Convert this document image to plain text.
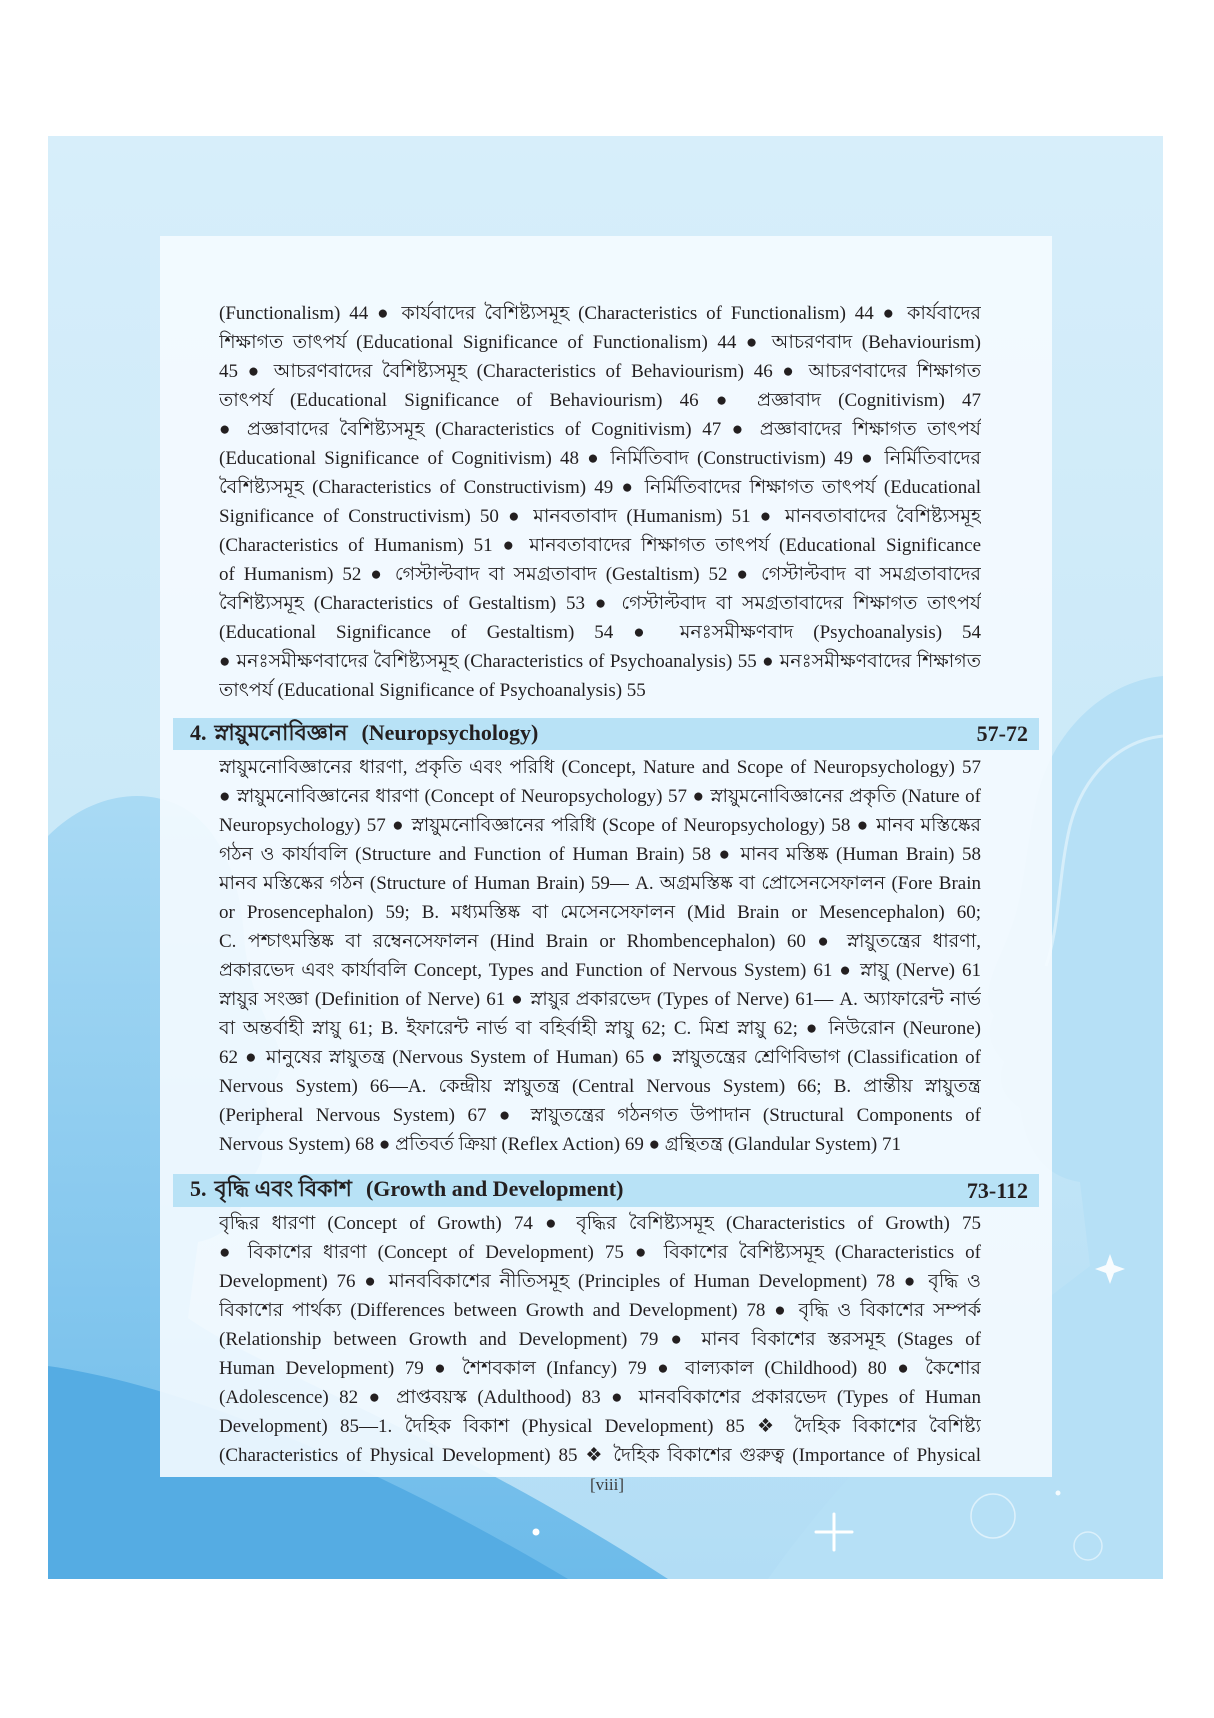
(Functionalism) 44 ● কার্যবাদের বৈশিষ্ট্যসমূহ (Characteristics of Functionalism) 44 ● কার্যবাদের
শিক্ষাগত তাৎপর্য (Educational Significance of Functionalism) 44 ● আচরণবাদ (Behaviourism)
45 ● আচরণবাদের বৈশিষ্ট্যসমূহ (Characteristics of Behaviourism) 46 ● আচরণবাদের শিক্ষাগত
তাৎপর্য (Educational Significance of Behaviourism) 46 ● প্রজ্ঞাবাদ (Cognitivism) 47
● প্রজ্ঞাবাদের বৈশিষ্ট্যসমূহ (Characteristics of Cognitivism) 47 ● প্রজ্ঞাবাদের শিক্ষাগত তাৎপর্য
(Educational Significance of Cognitivism) 48 ● নির্মিতিবাদ (Constructivism) 49 ● নির্মিতিবাদের
বৈশিষ্ট্যসমূহ (Characteristics of Constructivism) 49 ● নির্মিতিবাদের শিক্ষাগত তাৎপর্য (Educational
Significance of Constructivism) 50 ● মানবতাবাদ (Humanism) 51 ● মানবতাবাদের বৈশিষ্ট্যসমূহ
(Characteristics of Humanism) 51 ● মানবতাবাদের শিক্ষাগত তাৎপর্য (Educational Significance
of Humanism) 52 ● গেস্টাল্টবাদ বা সমগ্রতাবাদ (Gestaltism) 52 ● গেস্টাল্টবাদ বা সমগ্রতাবাদের
বৈশিষ্ট্যসমূহ (Characteristics of Gestaltism) 53 ● গেস্টাল্টবাদ বা সমগ্রতাবাদের শিক্ষাগত তাৎপর্য
(Educational Significance of Gestaltism) 54 ● মনঃসমীক্ষণবাদ (Psychoanalysis) 54
● মনঃসমীক্ষণবাদের বৈশিষ্ট্যসমূহ (Characteristics of Psychoanalysis) 55 ● মনঃসমীক্ষণবাদের শিক্ষাগত
তাৎপর্য (Educational Significance of Psychoanalysis) 55
4. স্নায়ুমনোবিজ্ঞান (Neuropsychology)	57-72
স্নায়ুমনোবিজ্ঞানের ধারণা, প্রকৃতি এবং পরিধি (Concept, Nature and Scope of Neuropsychology) 57
● স্নায়ুমনোবিজ্ঞানের ধারণা (Concept of Neuropsychology) 57 ● স্নায়ুমনোবিজ্ঞানের প্রকৃতি (Nature of
Neuropsychology) 57 ● স্নায়ুমনোবিজ্ঞানের পরিধি (Scope of Neuropsychology) 58 ● মানব মস্তিষ্কের
গঠন ও কার্যাবলি (Structure and Function of Human Brain) 58 ● মানব মস্তিষ্ক (Human Brain) 58
মানব মস্তিষ্কের গঠন (Structure of Human Brain) 59— A. অগ্রমস্তিষ্ক বা প্রোসেনসেফালন (Fore Brain
or Prosencephalon) 59; B. মধ্যমস্তিষ্ক বা মেসেনসেফালন (Mid Brain or Mesencephalon) 60;
C. পশ্চাৎমস্তিষ্ক বা রম্বেনসেফালন (Hind Brain or Rhombencephalon) 60 ● স্নায়ুতন্ত্রের ধারণা,
প্রকারভেদ এবং কার্যাবলি Concept, Types and Function of Nervous System) 61 ● স্নায়ু (Nerve) 61
স্নায়ুর সংজ্ঞা (Definition of Nerve) 61 ● স্নায়ুর প্রকারভেদ (Types of Nerve) 61— A. অ্যাফারেন্ট নার্ভ
বা অন্তর্বাহী স্নায়ু 61; B. ইফারেন্ট নার্ভ বা বহির্বাহী স্নায়ু 62; C. মিশ্র স্নায়ু 62; ● নিউরোন (Neurone)
62 ● মানুষের স্নায়ুতন্ত্র (Nervous System of Human) 65 ● স্নায়ুতন্ত্রের শ্রেণিবিভাগ (Classification of
Nervous System) 66—A. কেন্দ্রীয় স্নায়ুতন্ত্র (Central Nervous System) 66; B. প্রান্তীয় স্নায়ুতন্ত্র
(Peripheral Nervous System) 67 ● স্নায়ুতন্ত্রের গঠনগত উপাদান (Structural Components of
Nervous System) 68 ● প্রতিবর্ত ক্রিয়া (Reflex Action) 69 ● গ্রন্থিতন্ত্র (Glandular System) 71
5. বৃদ্ধি এবং বিকাশ (Growth and Development)	73-112
বৃদ্ধির ধারণা (Concept of Growth) 74 ● বৃদ্ধির বৈশিষ্ট্যসমূহ (Characteristics of Growth) 75
● বিকাশের ধারণা (Concept of Development) 75 ● বিকাশের বৈশিষ্ট্যসমূহ (Characteristics of
Development) 76 ● মানববিকাশের নীতিসমূহ (Principles of Human Development) 78 ● বৃদ্ধি ও
বিকাশের পার্থক্য (Differences between Growth and Development) 78 ● বৃদ্ধি ও বিকাশের সম্পর্ক
(Relationship between Growth and Development) 79 ● মানব বিকাশের স্তরসমূহ (Stages of
Human Development) 79 ● শৈশবকাল (Infancy) 79 ● বাল্যকাল (Childhood) 80 ● কৈশোর
(Adolescence) 82 ● প্রাপ্তবয়স্ক (Adulthood) 83 ● মানববিকাশের প্রকারভেদ (Types of Human
Development) 85—1. দৈহিক বিকাশ (Physical Development) 85 ❖ দৈহিক বিকাশের বৈশিষ্ট্য
(Characteristics of Physical Development) 85 ❖ দৈহিক বিকাশের গুরুত্ব (Importance of Physical
[viii]
